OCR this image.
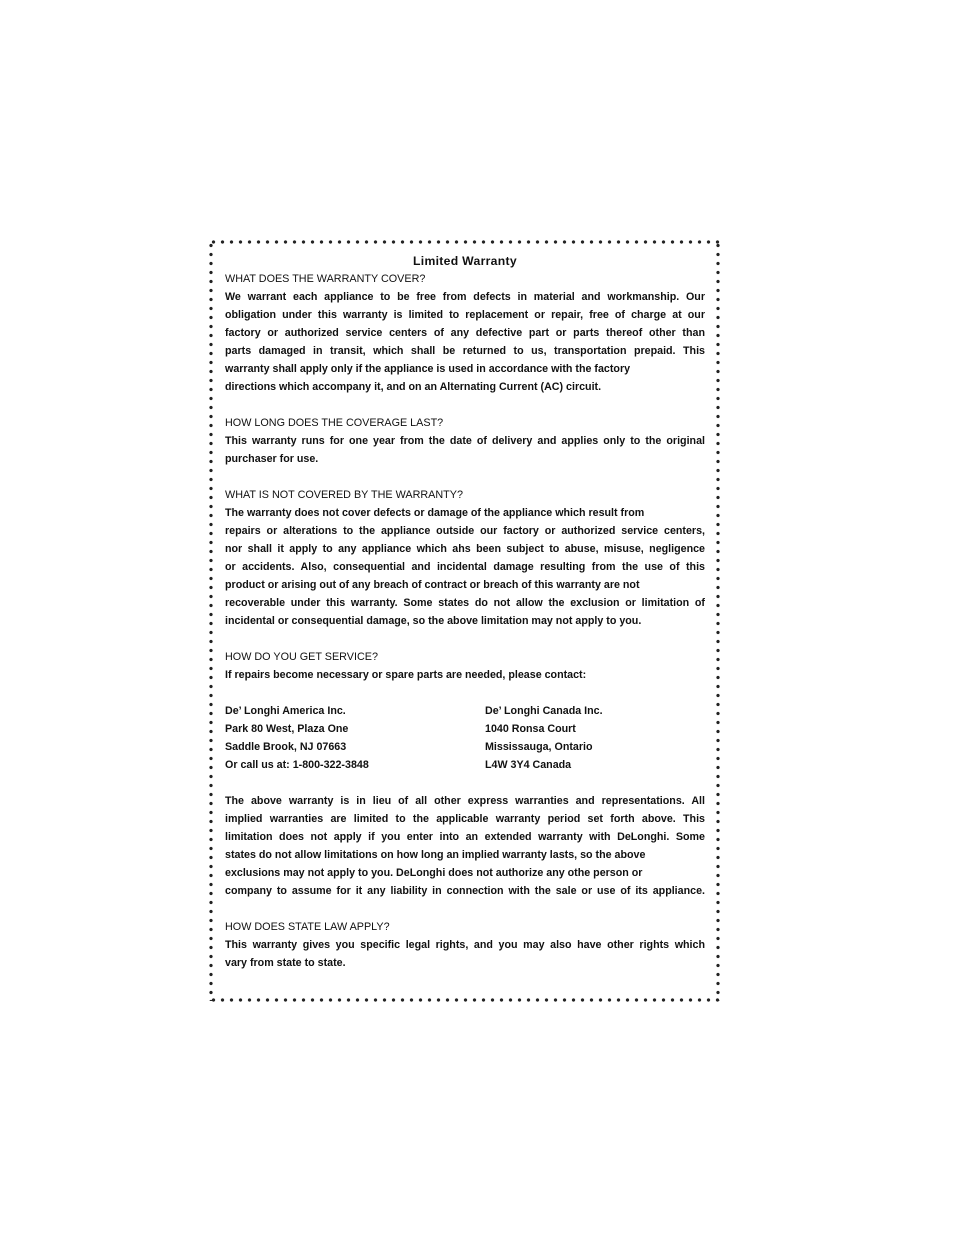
Limited Warranty
WHAT DOES THE WARRANTY COVER?

We warrant each appliance to be free from defects in material and workmanship. Our
obligation under this warranty is limited to replacement or repair, free of charge at our
factory or authorized service centers of any defective part or parts thereof other than
parts damaged in transit, which shall be returned to us, transportation prepaid. This
warranty shall apply only if the appliance is used in accordance with the factory
directions which accompany it, and on an Alternating Current (AC) circuit.

HOW LONG DOES THE COVERAGE LAST?

This warranty runs for one year from the date of delivery and applies only to the original
purchaser for use.

WHAT IS NOT COVERED BY THE WARRANTY?

The warranty does not cover defects or damage of the appliance which result from
repairs or alterations to the appliance outside our factory or authorized service centers,
nor shall it apply to any appliance which ahs been subject to abuse, misuse, negligence
or accidents. Also, consequential and incidental damage resulting from the use of this
product or arising out of any breach of contract or breach of this warranty are not
recoverable under this warranty. Some states do not allow the exclusion or limitation of
incidental or consequential damage, so the above limitation may not apply to you.

HOW DO YOU GET SERVICE?

If repairs become necessary or spare parts are needed, please contact:

De’ Longhi America Inc.
Park 80 West, Plaza One
Saddle Brook, NJ 07663
Or call us at: 1-800-322-3848
De’ Longhi Canada Inc.
1040 Ronsa Court
Mississauga, Ontario
L4W 3Y4 Canada

The above warranty is in lieu of all other express warranties and representations. All
implied warranties are limited to the applicable warranty period set forth above. This
limitation does not apply if you enter into an extended warranty with DeLonghi. Some
states do not allow limitations on how long an implied warranty lasts, so the above
exclusions may not apply to you. DeLonghi does not authorize any othe person or
company to assume for it any liability in connection with the sale or use of its appliance.

HOW DOES STATE LAW APPLY?

This warranty gives you specific legal rights, and you may also have other rights which
vary from state to state.
